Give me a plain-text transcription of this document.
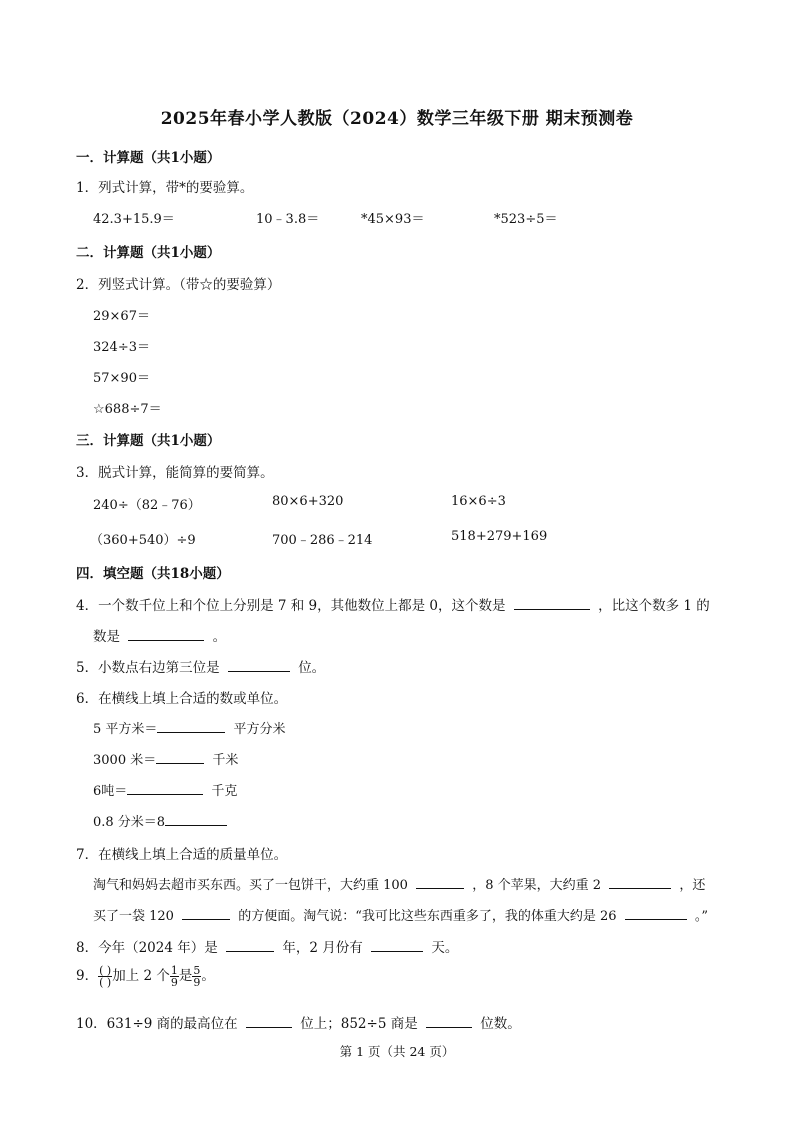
2025年春小学人教版（2024）数学三年级下册 期末预测卷
一．计算题（共1小题）
1．列式计算，带*的要验算。
42.3+15.9＝	10﹣3.8＝	*45×93＝	*523÷5＝
二．计算题（共1小题）
2．列竖式计算。（带☆的要验算）
29×67＝
324÷3＝
57×90＝
☆688÷7＝
三．计算题（共1小题）
3．脱式计算，能简算的要简算。
240÷（82﹣76）	80×6+320	16×6÷3
（360+540）÷9	700﹣286﹣214	518+279+169
四．填空题（共18小题）
4．一个数千位上和个位上分别是 7 和 9，其他数位上都是 0，这个数是	，比这个数多 1 的
数是	。
5．小数点右边第三位是	位。
6．在横线上填上合适的数或单位。
5 平方米＝	平方分米
3000 米＝	千米
6吨＝	千克
0.8 分米＝8
7．在横线上填上合适的质量单位。
淘气和妈妈去超市买东西。买了一包饼干，大约重 100	，8 个苹果，大约重 2	，还
买了一袋 120	的方便面。淘气说：“我可比这些东西重多了，我的体重大约是 26	。”
8．今年（2024 年）是	年，2 月份有	天。
9． $\frac{( )}{( )}$ 加上 2 个 $\frac{1}{9}$ 是 $\frac{5}{9}$ 。
10．631÷9 商的最高位在	位上；852÷5 商是	位数。
第 1 页（共 24 页）
